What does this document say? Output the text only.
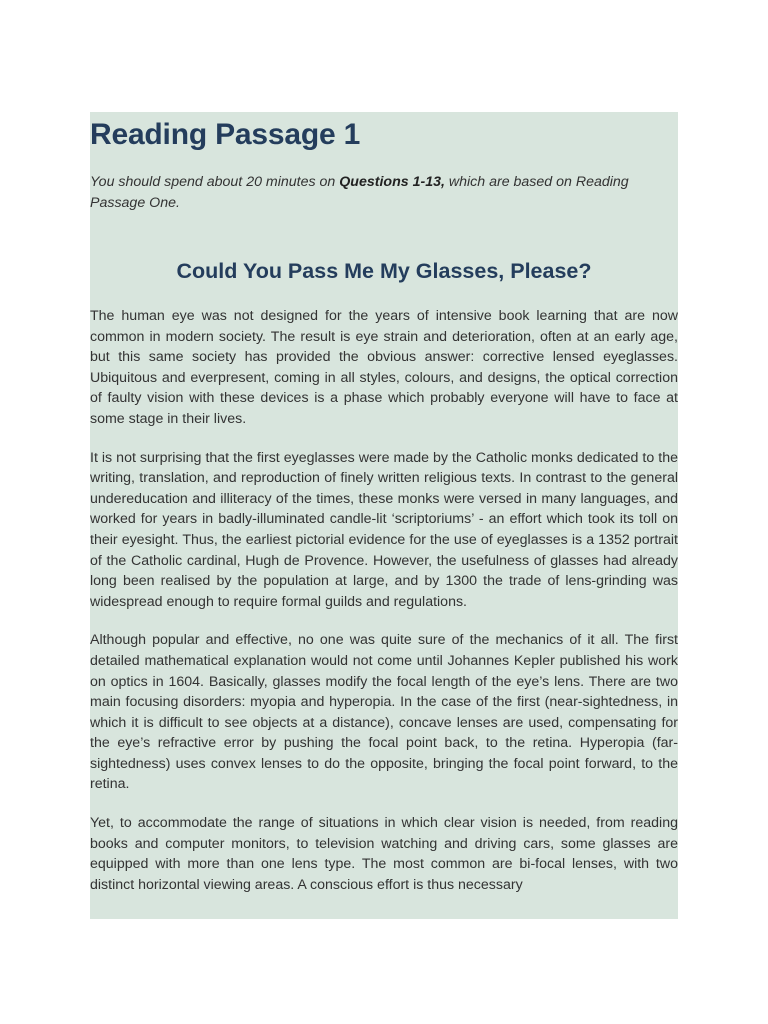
Reading Passage 1

You should spend about 20 minutes on Questions 1-13, which are based on Reading Passage One.

Could You Pass Me My Glasses, Please?

The human eye was not designed for the years of intensive book learning that are now common in modern society. The result is eye strain and deterioration, often at an early age, but this same society has provided the obvious answer: corrective lensed eyeglasses. Ubiquitous and everpresent, coming in all styles, colours, and designs, the optical correction of faulty vision with these devices is a phase which probably everyone will have to face at some stage in their lives.

It is not surprising that the first eyeglasses were made by the Catholic monks dedicated to the writing, translation, and reproduction of finely written religious texts. In contrast to the general undereducation and illiteracy of the times, these monks were versed in many languages, and worked for years in badly-illuminated candle-lit ‘scriptoriums’ - an effort which took its toll on their eyesight. Thus, the earliest pictorial evidence for the use of eyeglasses is a 1352 portrait of the Catholic cardinal, Hugh de Provence. However, the usefulness of glasses had already long been realised by the population at large, and by 1300 the trade of lens-grinding was widespread enough to require formal guilds and regulations.

Although popular and effective, no one was quite sure of the mechanics of it all. The first detailed mathematical explanation would not come until Johannes Kepler published his work on optics in 1604. Basically, glasses modify the focal length of the eye’s lens. There are two main focusing disorders: myopia and hyperopia. In the case of the first (near-sightedness, in which it is difficult to see objects at a distance), concave lenses are used, compensating for the eye’s refractive error by pushing the focal point back, to the retina. Hyperopia (far-sightedness) uses convex lenses to do the opposite, bringing the focal point forward, to the retina.

Yet, to accommodate the range of situations in which clear vision is needed, from reading books and computer monitors, to television watching and driving cars, some glasses are equipped with more than one lens type. The most common are bi-focal lenses, with two distinct horizontal viewing areas. A conscious effort is thus necessary
